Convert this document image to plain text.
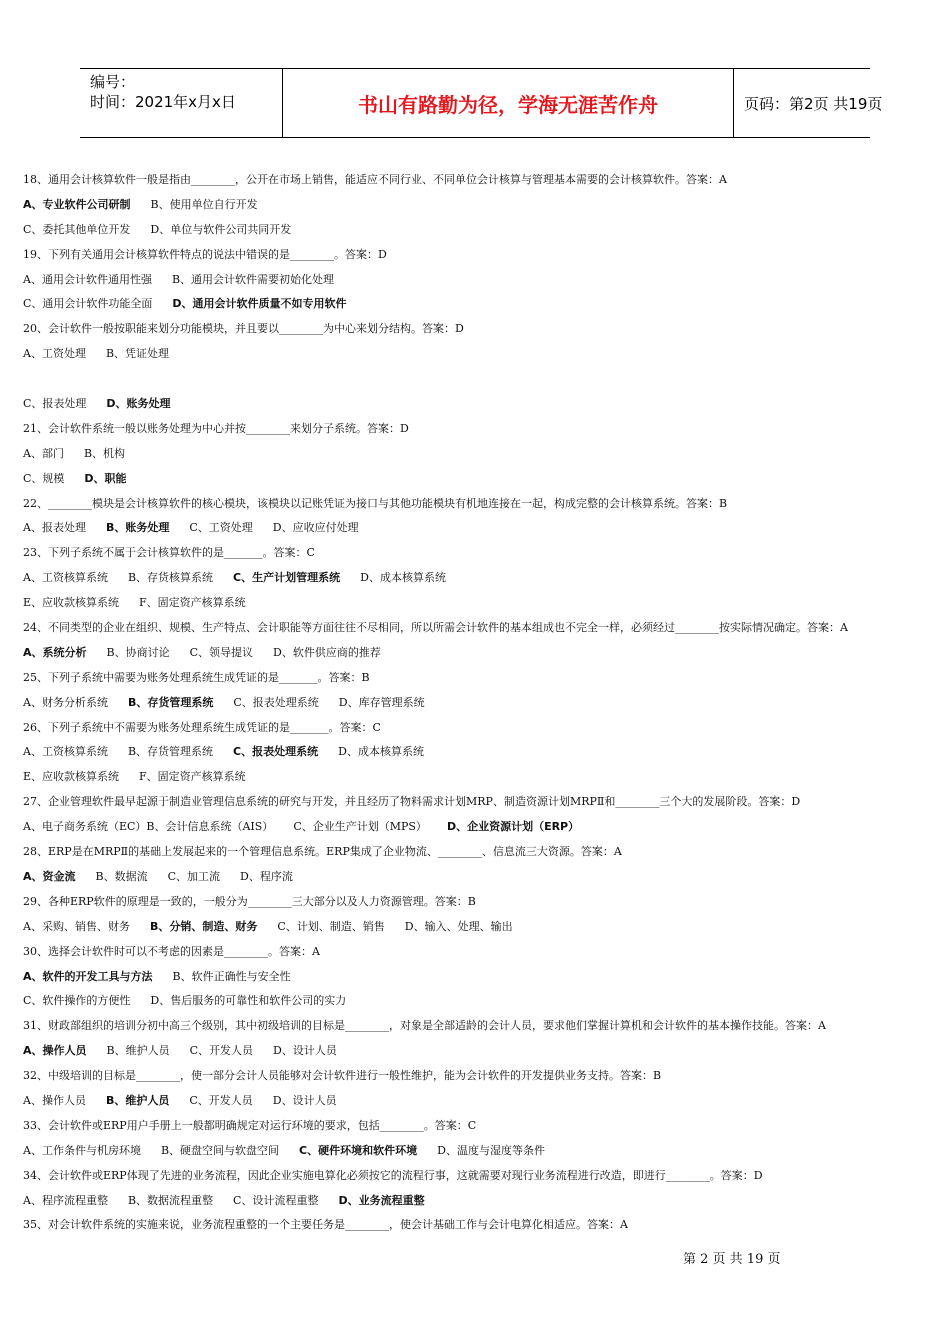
编号：
时间：2021年x月x日	书山有路勤为径，学海无涯苦作舟	页码：第2页 共19页
18、通用会计核算软件一般是指由________，公开在市场上销售，能适应不同行业、不同单位会计核算与管理基本需要的会计核算软件。答案：A
A、专业软件公司研制 B、使用单位自行开发
C、委托其他单位开发 D、单位与软件公司共同开发
19、下列有关通用会计核算软件特点的说法中错误的是________。答案：D
A、通用会计软件通用性强 B、通用会计软件需要初始化处理
C、通用会计软件功能全面 D、通用会计软件质量不如专用软件
20、会计软件一般按职能来划分功能模块，并且要以________为中心来划分结构。答案：D
A、工资处理 B、凭证处理
C、报表处理 D、账务处理
21、会计软件系统一般以账务处理为中心并按________来划分子系统。答案：D
A、部门 B、机构
C、规模 D、职能
22、________模块是会计核算软件的核心模块，该模块以记账凭证为接口与其他功能模块有机地连接在一起，构成完整的会计核算系统。答案：B
A、报表处理 B、账务处理 C、工资处理 D、应收应付处理
23、下列子系统不属于会计核算软件的是_______。答案：C
A、工资核算系统 B、存货核算系统 C、生产计划管理系统 D、成本核算系统
E、应收款核算系统 F、固定资产核算系统
24、不同类型的企业在组织、规模、生产特点、会计职能等方面往往不尽相同，所以所需会计软件的基本组成也不完全一样，必须经过________按实际情况确定。答案：A
A、系统分析 B、协商讨论 C、领导提议 D、软件供应商的推荐
25、下列子系统中需要为账务处理系统生成凭证的是_______。答案：B
A、财务分析系统 B、存货管理系统 C、报表处理系统 D、库存管理系统
26、下列子系统中不需要为账务处理系统生成凭证的是_______。答案：C
A、工资核算系统 B、存货管理系统 C、报表处理系统 D、成本核算系统
E、应收款核算系统 F、固定资产核算系统
27、企业管理软件最早起源于制造业管理信息系统的研究与开发，并且经历了物料需求计划MRP、制造资源计划MRPⅡ和________三个大的发展阶段。答案：D
A、电子商务系统（EC）B、会计信息系统（AIS） C、企业生产计划（MPS） D、企业资源计划（ERP）
28、ERP是在MRPⅡ的基础上发展起来的一个管理信息系统。ERP集成了企业物流、________、信息流三大资源。答案：A
A、资金流 B、数据流 C、加工流 D、程序流
29、各种ERP软件的原理是一致的，一般分为________三大部分以及人力资源管理。答案：B
A、采购、销售、财务 B、分销、制造、财务 C、计划、制造、销售 D、输入、处理、输出
30、选择会计软件时可以不考虑的因素是________。答案：A
A、软件的开发工具与方法 B、软件正确性与安全性
C、软件操作的方便性 D、售后服务的可靠性和软件公司的实力
31、财政部组织的培训分初中高三个级别，其中初级培训的目标是________，对象是全部适龄的会计人员，要求他们掌握计算机和会计软件的基本操作技能。答案：A
A、操作人员 B、维护人员 C、开发人员 D、设计人员
32、中级培训的目标是________，使一部分会计人员能够对会计软件进行一般性维护，能为会计软件的开发提供业务支持。答案：B
A、操作人员 B、维护人员 C、开发人员 D、设计人员
33、会计软件或ERP用户手册上一般都明确规定对运行环境的要求，包括________。答案：C
A、工作条件与机房环境 B、硬盘空间与软盘空间 C、硬件环境和软件环境 D、温度与湿度等条件
34、会计软件或ERP体现了先进的业务流程，因此企业实施电算化必须按它的流程行事，这就需要对现行业务流程进行改造，即进行________。答案：D
A、程序流程重整 B、数据流程重整 C、设计流程重整 D、业务流程重整
35、对会计软件系统的实施来说，业务流程重整的一个主要任务是________，使会计基础工作与会计电算化相适应。答案：A
第 2 页 共 19 页
